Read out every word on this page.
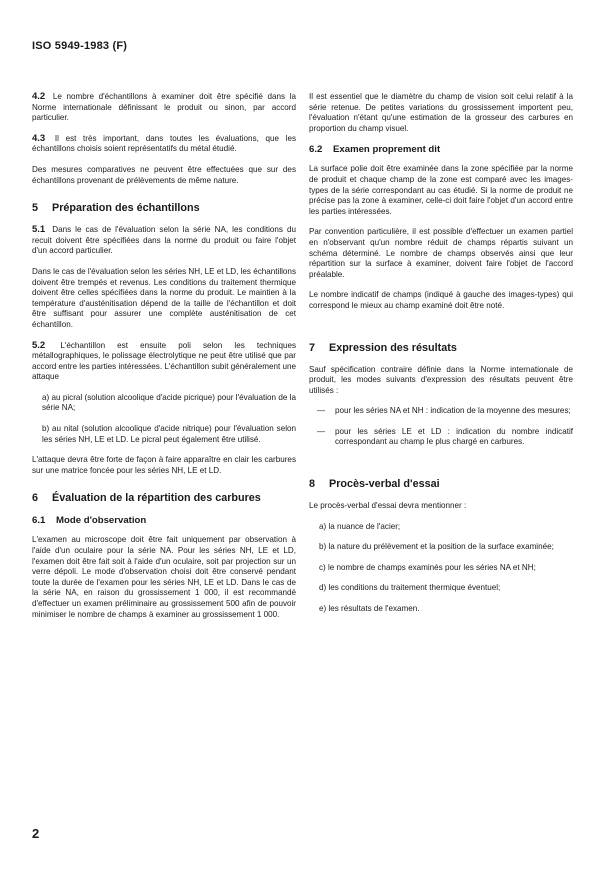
ISO 5949-1983 (F)

4.2 Le nombre d'échantillons à examiner doit être spécifié dans la Norme internationale définissant le produit ou sinon, par accord particulier.

4.3 Il est très important, dans toutes les évaluations, que les échantillons choisis soient représentatifs du métal étudié.

Des mesures comparatives ne peuvent être effectuées que sur des échantillons provenant de prélèvements de même nature.

5	Préparation des échantillons

5.1 Dans le cas de l'évaluation selon la série NA, les conditions du recuit doivent être spécifiées dans la norme du produit ou faire l'objet d'un accord particulier.

Dans le cas de l'évaluation selon les séries NH, LE et LD, les échantillons doivent être trempés et revenus. Les conditions du traitement thermique doivent être celles spécifiées dans la norme du produit. Le maintien à la température d'austénitisation dépend de la taille de l'échantillon et doit être suffisant pour assurer une complète austénitisation de cet échantillon.

5.2 L'échantillon est ensuite poli selon les techniques métallographiques, le polissage électrolytique ne peut être utilisé que par accord entre les parties intéressées. L'échantillon subit généralement une attaque

a) au picral (solution alcoolique d'acide picrique) pour l'évaluation de la série NA;

b) au nital (solution alcoolique d'acide nitrique) pour l'évaluation selon les séries NH, LE et LD. Le picral peut également être utilisé.

L'attaque devra être forte de façon à faire apparaître en clair les carbures sur une matrice foncée pour les séries NH, LE et LD.

6	Évaluation de la répartition des carbures
6.1	Mode d'observation

L'examen au microscope doit être fait uniquement par observation à l'aide d'un oculaire pour la série NA. Pour les séries NH, LE et LD, l'examen doit être fait soit à l'aide d'un oculaire, soit par projection sur un verre dépoli. Le mode d'observation choisi doit être conservé pendant toute la durée de l'examen pour les séries NH, LE et LD. Dans le cas de la série NA, en raison du grossissement 1 000, il est recommandé d'effectuer un examen préliminaire au grossissement 500 afin de pouvoir minimiser le nombre de champs à examiner au grossissement 1 000.

Il est essentiel que le diamètre du champ de vision soit celui relatif à la série retenue. De petites variations du grossissement importent peu, l'évaluation n'étant qu'une estimation de la grosseur des carbures en proportion du champ visuel.

6.2	Examen proprement dit

La surface polie doit être examinée dans la zone spécifiée par la norme de produit et chaque champ de la zone est comparé avec les images-types de la série correspondant au cas étudié. Si la norme de produit ne précise pas la zone à examiner, celle-ci doit faire l'objet d'un accord entre les parties intéressées.

Par convention particulière, il est possible d'effectuer un examen partiel en n'observant qu'un nombre réduit de champs répartis suivant un schéma déterminé. Le nombre de champs observés ainsi que leur répartition sur la surface à examiner, doivent faire l'objet de l'accord préalable.

Le nombre indicatif de champs (indiqué à gauche des images-types) qui correspond le mieux au champ examiné doit être noté.

7	Expression des résultats

Sauf spécification contraire définie dans la Norme internationale de produit, les modes suivants d'expression des résultats peuvent être utilisés :

—	pour les séries NA et NH : indication de la moyenne des mesures;
—	pour les séries LE et LD : indication du nombre indicatif correspondant au champ le plus chargé en carbures.
8	Procès-verbal d'essai

Le procès-verbal d'essai devra mentionner :

a) la nuance de l'acier;

b) la nature du prélèvement et la position de la surface examinée;

c) le nombre de champs examinés pour les séries NA et NH;

d) les conditions du traitement thermique éventuel;

e) les résultats de l'examen.

2
